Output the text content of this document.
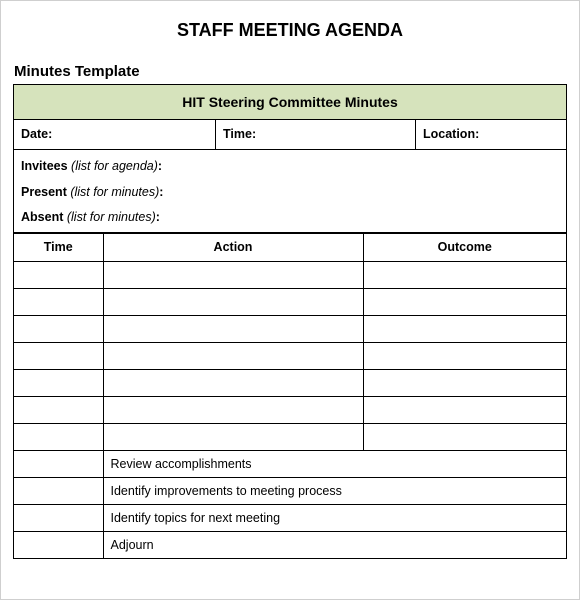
STAFF MEETING AGENDA
Minutes Template
HIT Steering Committee Minutes
Date:	Time:	Location:
Invitees (list for agenda):
Present (list for minutes):
Absent (list for minutes):
Time	Action	Outcome

	Review accomplishments	
	Identify improvements to meeting process	
	Identify topics for next meeting	
	Adjourn	
